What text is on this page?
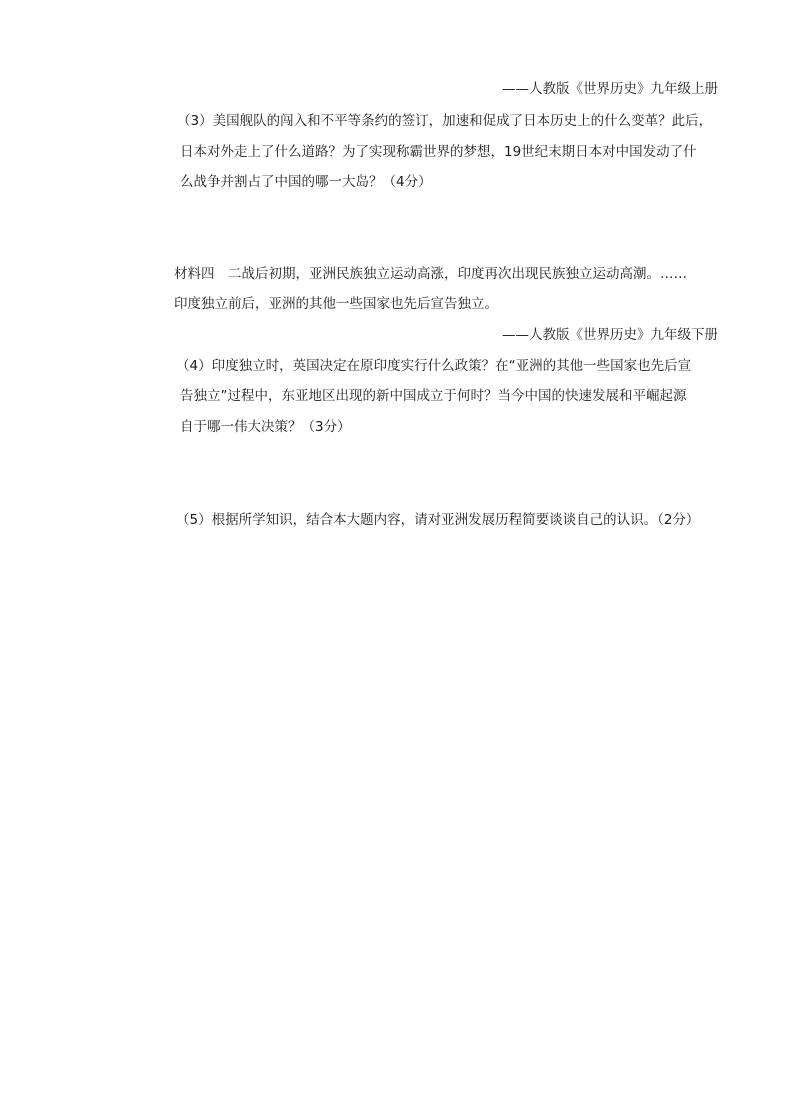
——人教版《世界历史》九年级上册
（3）美国舰队的闯入和不平等条约的签订，加速和促成了日本历史上的什么变革？此后，
日本对外走上了什么道路？为了实现称霸世界的梦想，19世纪末期日本对中国发动了什
么战争并割占了中国的哪一大岛？（4分）
材料四　二战后初期，亚洲民族独立运动高涨，印度再次出现民族独立运动高潮。……
印度独立前后，亚洲的其他一些国家也先后宣告独立。
——人教版《世界历史》九年级下册
（4）印度独立时，英国决定在原印度实行什么政策？在“亚洲的其他一些国家也先后宣
告独立”过程中，东亚地区出现的新中国成立于何时？当今中国的快速发展和平崛起源
自于哪一伟大决策？（3分）
（5）根据所学知识，结合本大题内容，请对亚洲发展历程简要谈谈自己的认识。（2分）
